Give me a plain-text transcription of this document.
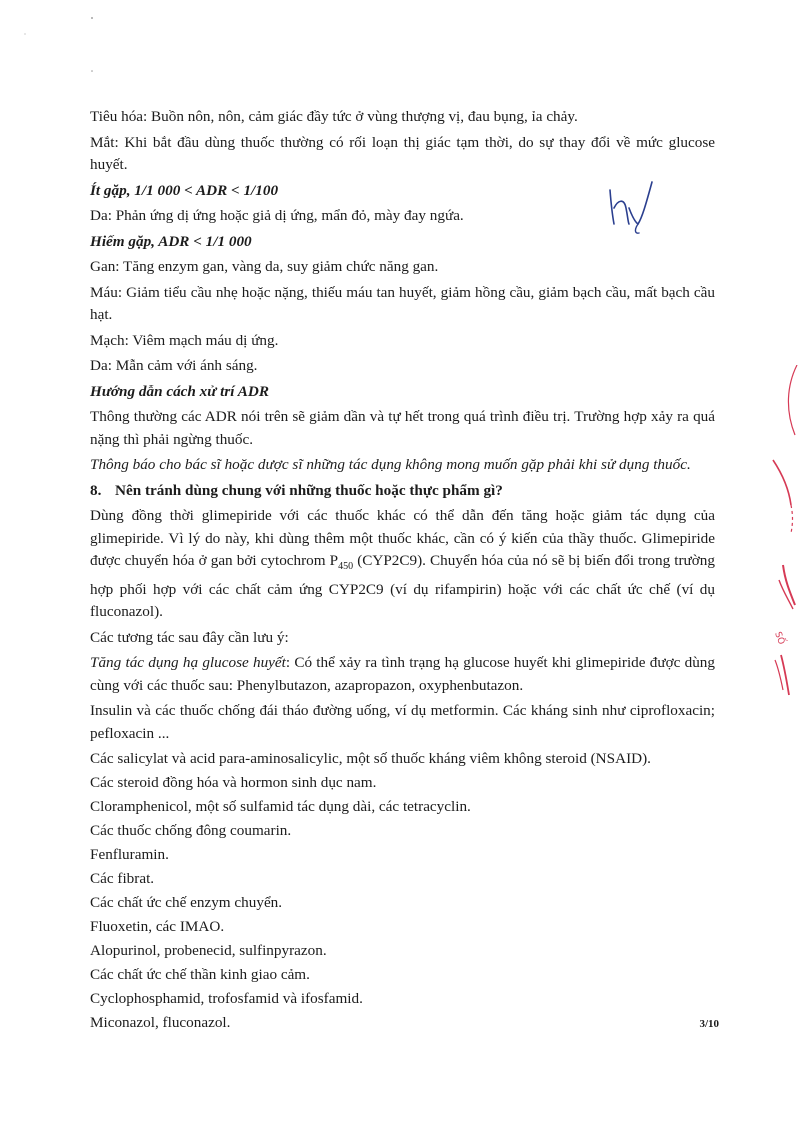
Tiêu hóa: Buồn nôn, nôn, cảm giác đầy tức ở vùng thượng vị, đau bụng, ỉa chảy.

Mắt: Khi bắt đầu dùng thuốc thường có rối loạn thị giác tạm thời, do sự thay đổi về mức glucose huyết.

Ít gặp, 1/1 000 < ADR < 1/100

Da: Phản ứng dị ứng hoặc giả dị ứng, mẩn đỏ, mày đay ngứa.

Hiếm gặp, ADR < 1/1 000

Gan: Tăng enzym gan, vàng da, suy giảm chức năng gan.

Máu: Giảm tiểu cầu nhẹ hoặc nặng, thiếu máu tan huyết, giảm hồng cầu, giảm bạch cầu, mất bạch cầu hạt.

Mạch: Viêm mạch máu dị ứng.

Da: Mẫn cảm với ánh sáng.

Hướng dẫn cách xử trí ADR

Thông thường các ADR nói trên sẽ giảm dần và tự hết trong quá trình điều trị. Trường hợp xảy ra quá nặng thì phải ngừng thuốc.

Thông báo cho bác sĩ hoặc dược sĩ những tác dụng không mong muốn gặp phải khi sử dụng thuốc.

8. Nên tránh dùng chung với những thuốc hoặc thực phẩm gì?

Dùng đồng thời glimepiride với các thuốc khác có thể dẫn đến tăng hoặc giảm tác dụng của glimepiride. Vì lý do này, khi dùng thêm một thuốc khác, cần có ý kiến của thầy thuốc. Glimepiride được chuyển hóa ở gan bởi cytochrom $P_{450}$ (CYP2C9). Chuyển hóa của nó sẽ bị biến đổi trong trường hợp phối hợp với các chất cảm ứng CYP2C9 (ví dụ rifampirin) hoặc với các chất ức chế (ví dụ fluconazol).

Các tương tác sau đây cần lưu ý:

Tăng tác dụng hạ glucose huyết: Có thể xảy ra tình trạng hạ glucose huyết khi glimepiride được dùng cùng với các thuốc sau: Phenylbutazon, azapropazon, oxyphenbutazon.

Insulin và các thuốc chống đái tháo đường uống, ví dụ metformin. Các kháng sinh như ciprofloxacin; pefloxacin ...

Các salicylat và acid para-aminosalicylic, một số thuốc kháng viêm không steroid (NSAID).

Các steroid đồng hóa và hormon sinh dục nam.

Cloramphenicol, một số sulfamid tác dụng dài, các tetracyclin.

Các thuốc chống đông coumarin.

Fenfluramin.

Các fibrat.

Các chất ức chế enzym chuyển.

Fluoxetin, các IMAO.

Alopurinol, probenecid, sulfinpyrazon.

Các chất ức chế thần kinh giao cảm.

Cyclophosphamid, trofosfamid và ifosfamid.

Miconazol, fluconazol.

SỐ
3/10
